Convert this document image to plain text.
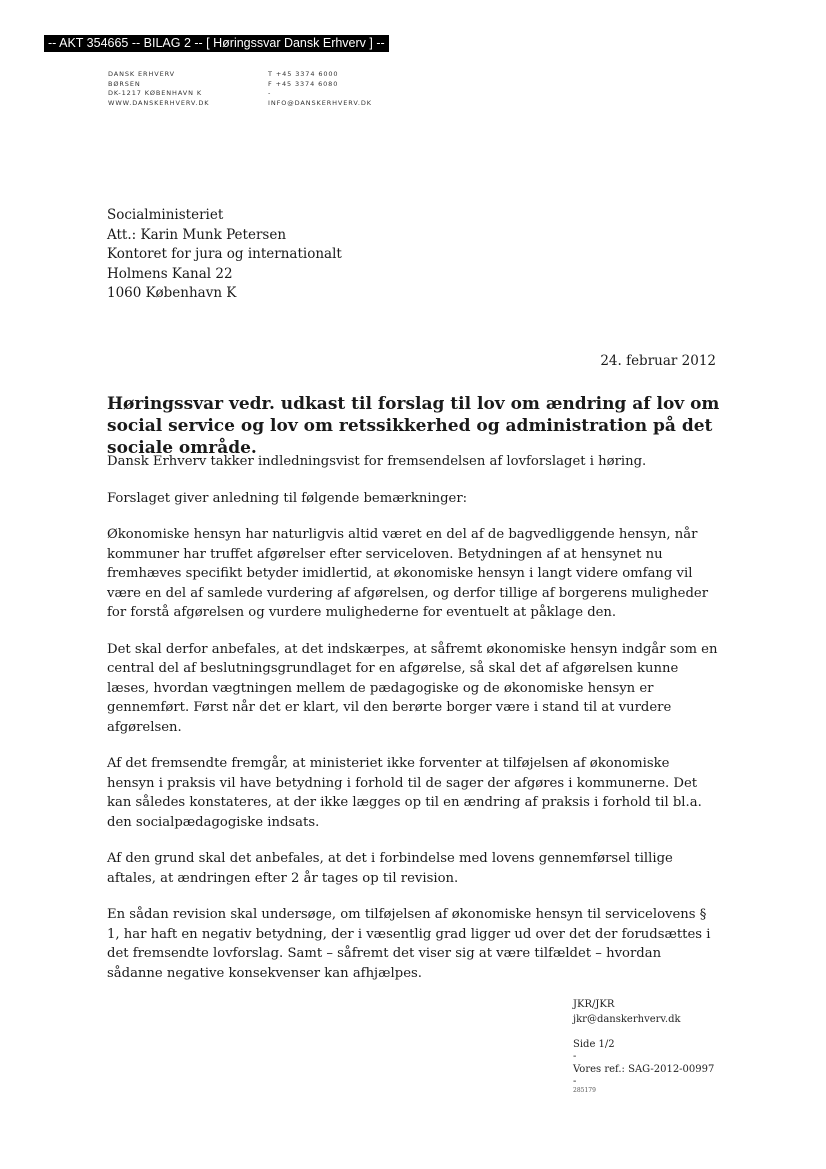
-- AKT 354665 -- BILAG 2 -- [ Høringssvar Dansk Erhverv ] --
DANSK ERHVERV
BØRSEN
DK-1217 KØBENHAVN K
WWW.DANSKERHVERV.DK
T +45 3374 6000
F +45 3374 6080
-
INFO@DANSKERHVERV.DK
Socialministeriet
Att.: Karin Munk Petersen
Kontoret for jura og internationalt
Holmens Kanal 22
1060 København K
24. februar 2012
Høringssvar vedr. udkast til forslag til lov om ændring af lov om social service og lov om retssikkerhed og administration på det sociale område.

Dansk Erhverv takker indledningsvist for fremsendelsen af lovforslaget i høring.

Forslaget giver anledning til følgende bemærkninger:

Økonomiske hensyn har naturligvis altid været en del af de bagvedliggende hensyn, når kommuner har truffet afgørelser efter serviceloven. Betydningen af at hensynet nu fremhæves specifikt betyder imidlertid, at økonomiske hensyn i langt videre omfang vil være en del af samlede vurdering af afgørelsen, og derfor tillige af borgerens muligheder for forstå afgørelsen og vurdere mulighederne for eventuelt at påklage den.

Det skal derfor anbefales, at det indskærpes, at såfremt økonomiske hensyn indgår som en central del af beslutningsgrundlaget for en afgørelse, så skal det af afgørelsen kunne læses, hvordan vægtningen mellem de pædagogiske og de økonomiske hensyn er gennemført. Først når det er klart, vil den berørte borger være i stand til at vurdere afgørelsen.

Af det fremsendte fremgår, at ministeriet ikke forventer at tilføjelsen af økonomiske hensyn i praksis vil have betydning i forhold til de sager der afgøres i kommunerne. Det kan således konstateres, at der ikke lægges op til en ændring af praksis i forhold til bl.a. den socialpædagogiske indsats.

Af den grund skal det anbefales, at det i forbindelse med lovens gennemførsel tillige aftales, at ændringen efter 2 år tages op til revision.

En sådan revision skal undersøge, om tilføjelsen af økonomiske hensyn til servicelovens § 1, har haft en negativ betydning, der i væsentlig grad ligger ud over det der forudsættes i det fremsendte lovforslag. Samt – såfremt det viser sig at være tilfældet – hvordan sådanne negative konsekvenser kan afhjælpes.

JKR/JKR
jkr@danskerhverv.dk
Side 1/2
-
Vores ref.: SAG-2012-00997
-
285179
